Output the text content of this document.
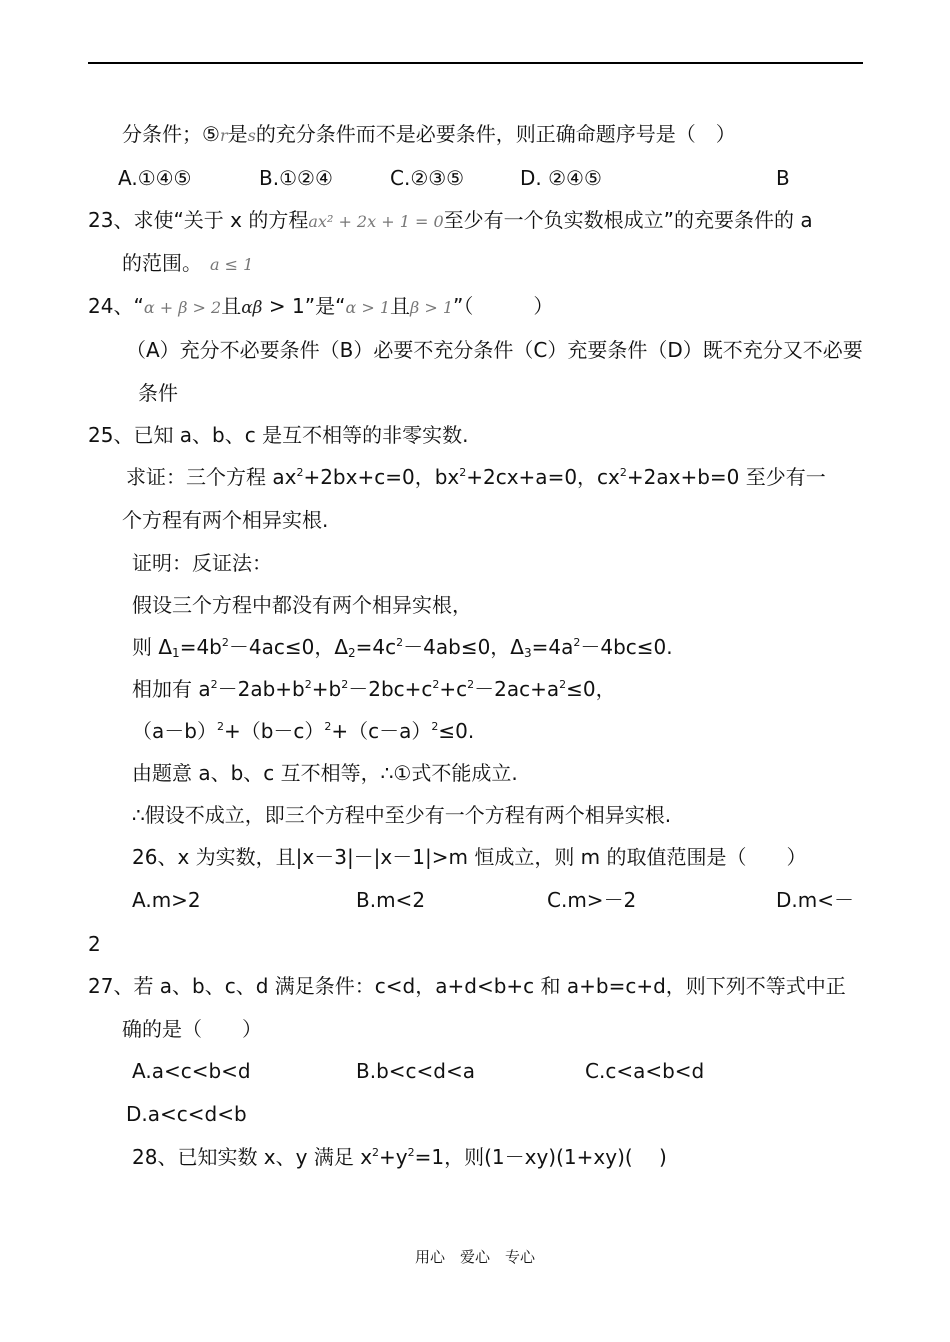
分条件；⑤r是s的充分条件而不是必要条件，则正确命题序号是（　）
A.①④⑤	B.①②④	C.②③⑤	D. ②④⑤	B
23、求使“关于 x 的方程ax² + 2x + 1 = 0至少有一个负实数根成立”的充要条件的 a
的范围。 a ≤ 1
24、“α + β > 2且αβ > 1”是“α > 1且β > 1”（　　　）
（A）充分不必要条件（B）必要不充分条件（C）充要条件（D）既不充分又不必要
条件
25、已知 a、b、c 是互不相等的非零实数.
求证：三个方程 $ax^2+2bx+c=0$，$bx^2+2cx+a=0$，$cx^2+2ax+b=0$ 至少有一
个方程有两个相异实根.
证明：反证法：
假设三个方程中都没有两个相异实根，
则 $\Delta_1=4b^2-4ac\le 0$，$\Delta_2=4c^2-4ab\le 0$，$\Delta_3=4a^2-4bc\le 0$.
相加有 $a^2-2ab+b^2+b^2-2bc+c^2+c^2-2ac+a^2\le 0$，
$(a-b)^2+(b-c)^2+(c-a)^2\le 0$.
由题意 a、b、c 互不相等，∴①式不能成立.
∴假设不成立，即三个方程中至少有一个方程有两个相异实根.
26、x 为实数，且|x－3|－|x－1|>m 恒成立，则 m 的取值范围是（　　）
A.m>2	B.m<2	C.m>－2	D.m<－
2
27、若 a、b、c、d 满足条件：c<d，a+d<b+c 和 a+b=c+d，则下列不等式中正
确的是（　　）
A.a<c<b<d	B.b<c<d<a	C.c<a<b<d
D.a<c<d<b
28、已知实数 x、y 满足 $x^2+y^2=1$，则(1－xy)(1+xy)(　 )
用心　爱心　专心
